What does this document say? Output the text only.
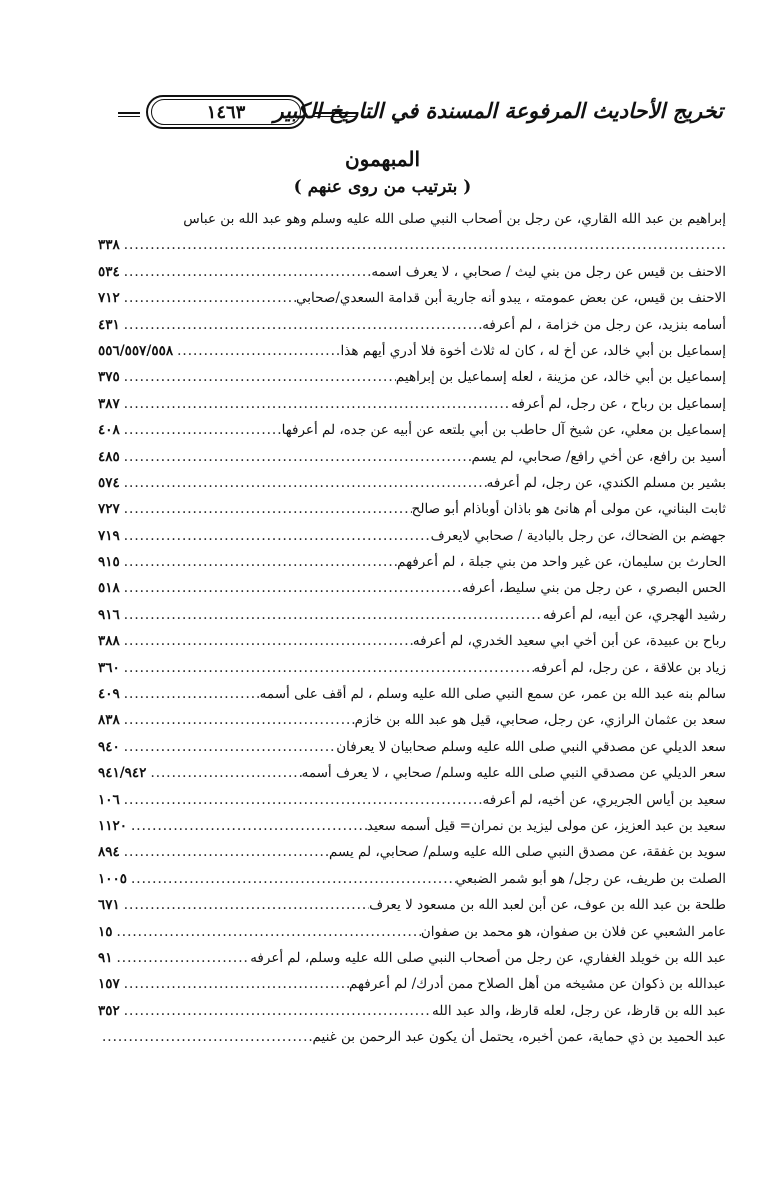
١٤٦٣	تخريج الأحاديث المرفوعة المسندة في التاريخ الكبير
المبهمون
( بترتيب من روى عنهم )
إبراهيم بن عبد الله القاري، عن رجل بن أصحاب النبي صلى الله عليه وسلم وهو عبد الله بن عباس
.....
٣٣٨
الاحنف بن قيس عن رجل من بني ليث / صحابي ، لا يعرف اسمه
.....
٥٣٤
الاحنف بن قيس، عن بعض عمومته ، يبدو أنه جارية أبن قدامة السعدي/صحابي
.....
٧١٢
أسامه بنزيد، عن رجل من خزامة ، لم أعرفه
.....
٤٣١
إسماعيل بن أبي خالد، عن أخ له ، كان له ثلاث أخوة فلا أدري أيهم هذا
.....
٥٥٦/٥٥٧/٥٥٨
إسماعيل بن أبي خالد، عن مزينة ، لعله إسماعيل بن إبراهيم
.....
٣٧٥
إسماعيل بن رباح ، عن رجل، لم أعرفه
.....
٣٨٧
إسماعيل بن معلي، عن شيخ آل حاطب بن أبي بلتعه عن أبيه عن جده، لم أعرفها
.....
٤٠٨
أسيد بن رافع، عن أخي رافع/ صحابي، لم يسم
.....
٤٨٥
بشير بن مسلم الكندي، عن رجل، لم أعرفه
.....
٥٧٤
ثابت البناني، عن مولى أم هانئ هو باذان أوباذام أبو صالح
.....
٧٢٧
جهضم بن الضحاك، عن رجل بالبادية / صحابي لايعرف
.....
٧١٩
الحارث بن سليمان، عن غير واحد من بني جبلة ، لم أعرفهم
.....
٩١٥
الحس البصري ، عن رجل من بني سليط، أعرفه
.....
٥١٨
رشيد الهجري، عن أبيه، لم أعرفه
.....
٩١٦
رباح بن عبيدة، عن أبن أخي ابي سعيد الخدري، لم أعرفه
.....
٣٨٨
زياد بن علاقة ، عن رجل، لم أعرفه
.....
٣٦٠
سالم بنه عبد الله بن عمر، عن سمع النبي صلى الله عليه وسلم ، لم أقف على أسمه
.....
٤٠٩
سعد بن عثمان الرازي، عن رجل، صحابي، قيل هو عبد الله بن خازم
.....
٨٣٨
سعد الديلي عن مصدقي النبي صلى الله عليه وسلم صحابيان لا يعرفان
.....
٩٤٠
سعر الديلي عن مصدقي النبي صلى الله عليه وسلم/ صحابي ، لا يعرف أسمه
.....
٩٤١/٩٤٢
سعيد بن أياس الجريري، عن أخيه، لم أعرفه
.....
١٠٦
سعيد بن عبد العزيز، عن مولى ليزيد بن نمران= قيل أسمه سعيد
.....
١١٢٠
سويد بن غفقة، عن مصدق النبي صلى الله عليه وسلم/ صحابي، لم يسم
.....
٨٩٤
الصلت بن طريف، عن رجل/ هو أبو شمر الضبعي
.....
١٠٠٥
طلحة بن عبد الله بن عوف، عن أبن لعبد الله بن مسعود لا يعرف
.....
٦٧١
عامر الشعبي عن فلان بن صفوان، هو محمد بن صفوان
.....
١٥
عبد الله بن خويلد الغفاري، عن رجل من أصحاب النبي صلى الله عليه وسلم، لم أعرفه
.....
٩١
عبدالله بن ذكوان عن مشيخه من أهل الصلاح ممن أدرك/ لم أعرفهم
.....
١٥٧
عبد الله بن قارظ، عن رجل، لعله قارظ، والد عبد الله
.....
٣٥٢
عبد الحميد بن ذي حماية، عمن أخبره، يحتمل أن يكون عبد الرحمن بن غنيم
.....
